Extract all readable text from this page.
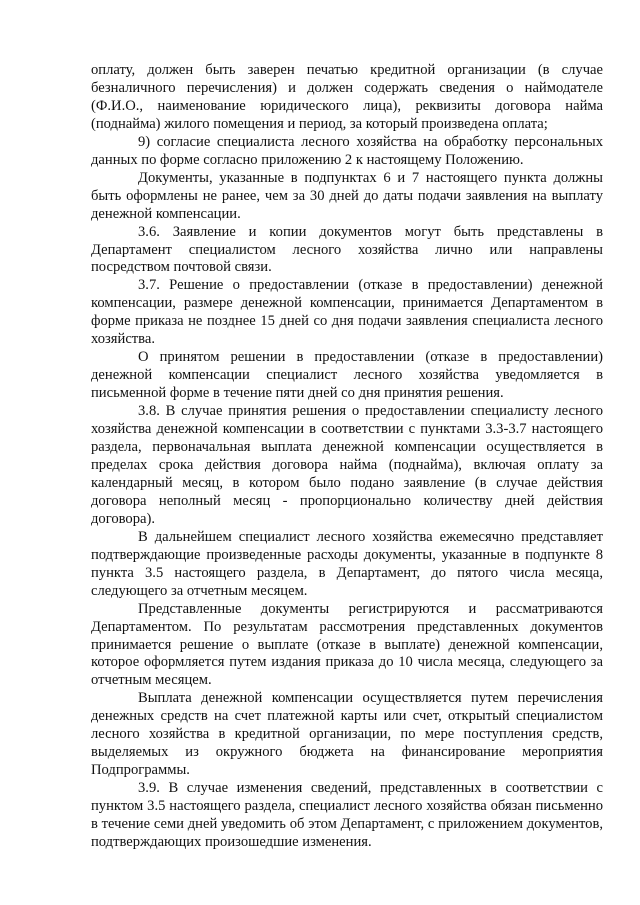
оплату, должен быть заверен печатью кредитной организации (в случае безналичного перечисления) и должен содержать сведения о наймодателе (Ф.И.О., наименование юридического лица), реквизиты договора найма (поднайма) жилого помещения и период, за который произведена оплата;

9) согласие специалиста лесного хозяйства на обработку персональных данных по форме согласно приложению 2 к настоящему Положению.

Документы, указанные в подпунктах 6 и 7 настоящего пункта должны быть оформлены не ранее, чем за 30 дней до даты подачи заявления на выплату денежной компенсации.

3.6. Заявление и копии документов могут быть представлены в Департамент специалистом лесного хозяйства лично или направлены посредством почтовой связи.

3.7. Решение о предоставлении (отказе в предоставлении) денежной компенсации, размере денежной компенсации, принимается Департаментом в форме приказа не позднее 15 дней со дня подачи заявления специалиста лесного хозяйства.

О принятом решении в предоставлении (отказе в предоставлении) денежной компенсации специалист лесного хозяйства уведомляется в письменной форме в течение пяти дней со дня принятия решения.

3.8. В случае принятия решения о предоставлении специалисту лесного хозяйства денежной компенсации в соответствии с пунктами 3.3-3.7 настоящего раздела, первоначальная выплата денежной компенсации осуществляется в пределах срока действия договора найма (поднайма), включая оплату за календарный месяц, в котором было подано заявление (в случае действия договора неполный месяц - пропорционально количеству дней действия договора).

В дальнейшем специалист лесного хозяйства ежемесячно представляет подтверждающие произведенные расходы документы, указанные в подпункте 8 пункта 3.5 настоящего раздела, в Департамент, до пятого числа месяца, следующего за отчетным месяцем.

Представленные документы регистрируются и рассматриваются Департаментом. По результатам рассмотрения представленных документов принимается решение о выплате (отказе в выплате) денежной компенсации, которое оформляется путем издания приказа до 10 числа месяца, следующего за отчетным месяцем.

Выплата денежной компенсации осуществляется путем перечисления денежных средств на счет платежной карты или счет, открытый специалистом лесного хозяйства в кредитной организации, по мере поступления средств, выделяемых из окружного бюджета на финансирование мероприятия Подпрограммы.

3.9. В случае изменения сведений, представленных в соответствии с пунктом 3.5 настоящего раздела, специалист лесного хозяйства обязан письменно в течение семи дней уведомить об этом Департамент, с приложением документов, подтверждающих произошедшие изменения.
